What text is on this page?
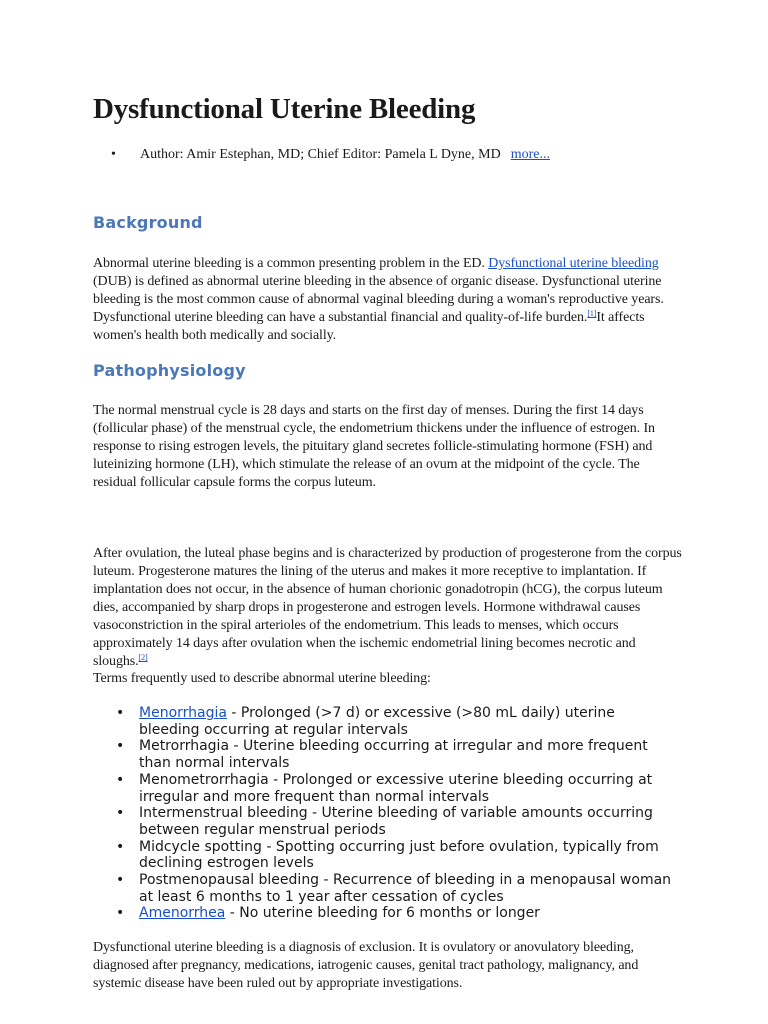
Dysfunctional Uterine Bleeding
• Author: Amir Estephan, MD; Chief Editor: Pamela L Dyne, MD more...
Background

Abnormal uterine bleeding is a common presenting problem in the ED. Dysfunctional uterine bleeding (DUB) is defined as abnormal uterine bleeding in the absence of organic disease. Dysfunctional uterine bleeding is the most common cause of abnormal vaginal bleeding during a woman's reproductive years. Dysfunctional uterine bleeding can have a substantial financial and quality-of-life burden.[1]It affects women's health both medically and socially.

Pathophysiology

The normal menstrual cycle is 28 days and starts on the first day of menses. During the first 14 days (follicular phase) of the menstrual cycle, the endometrium thickens under the influence of estrogen. In response to rising estrogen levels, the pituitary gland secretes follicle-stimulating hormone (FSH) and luteinizing hormone (LH), which stimulate the release of an ovum at the midpoint of the cycle. The residual follicular capsule forms the corpus luteum.

After ovulation, the luteal phase begins and is characterized by production of progesterone from the corpus luteum. Progesterone matures the lining of the uterus and makes it more receptive to implantation. If implantation does not occur, in the absence of human chorionic gonadotropin (hCG), the corpus luteum dies, accompanied by sharp drops in progesterone and estrogen levels. Hormone withdrawal causes vasoconstriction in the spiral arterioles of the endometrium. This leads to menses, which occurs approximately 14 days after ovulation when the ischemic endometrial lining becomes necrotic and sloughs.[2]

Terms frequently used to describe abnormal uterine bleeding:

• Menorrhagia - Prolonged (>7 d) or excessive (>80 mL daily) uterine bleeding occurring at regular intervals
• Metrorrhagia - Uterine bleeding occurring at irregular and more frequent than normal intervals
• Menometrorrhagia - Prolonged or excessive uterine bleeding occurring at irregular and more frequent than normal intervals
• Intermenstrual bleeding - Uterine bleeding of variable amounts occurring between regular menstrual periods
• Midcycle spotting - Spotting occurring just before ovulation, typically from declining estrogen levels
• Postmenopausal bleeding - Recurrence of bleeding in a menopausal woman at least 6 months to 1 year after cessation of cycles
• Amenorrhea - No uterine bleeding for 6 months or longer

Dysfunctional uterine bleeding is a diagnosis of exclusion. It is ovulatory or anovulatory bleeding, diagnosed after pregnancy, medications, iatrogenic causes, genital tract pathology, malignancy, and systemic disease have been ruled out by appropriate investigations.
